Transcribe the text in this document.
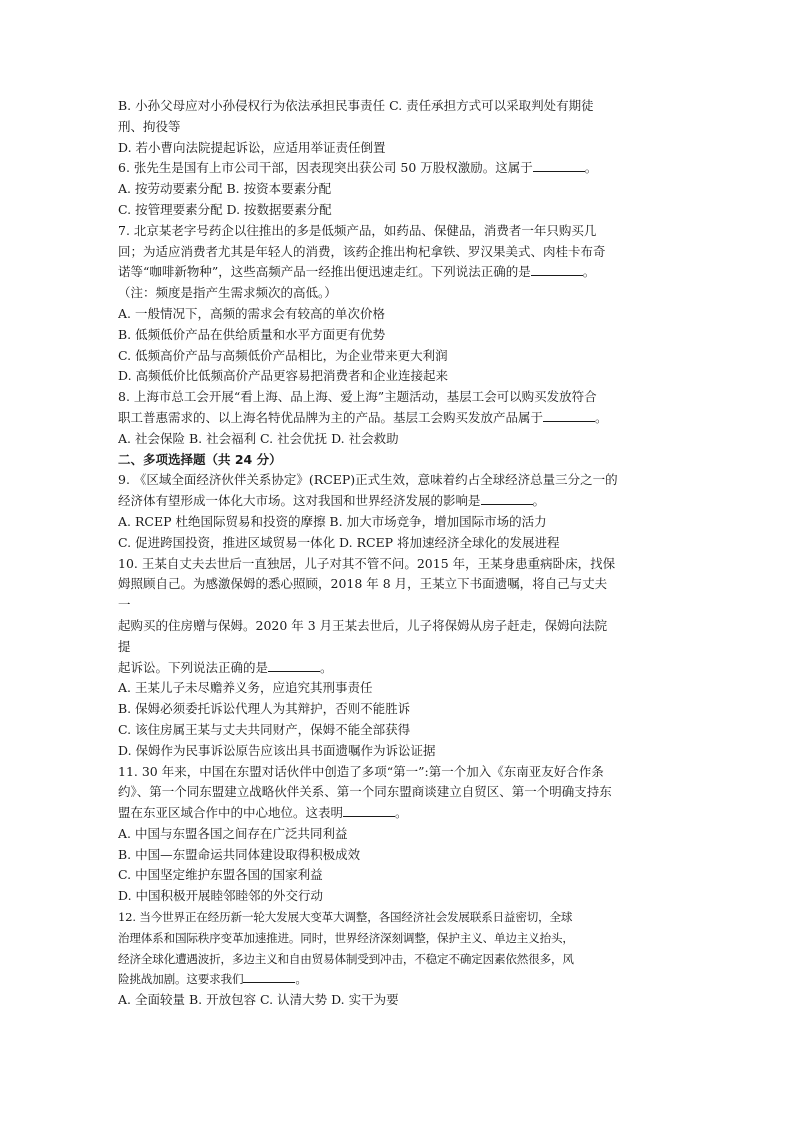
B. 小孙父母应对小孙侵权行为依法承担民事责任 C. 责任承担方式可以采取判处有期徒
刑、拘役等
D. 若小曹向法院提起诉讼，应适用举证责任倒置
6. 张先生是国有上市公司干部，因表现突出获公司 50 万股权激励。这属于	。
A. 按劳动要素分配 B. 按资本要素分配
C. 按管理要素分配 D. 按数据要素分配
7. 北京某老字号药企以往推出的多是低频产品，如药品、保健品，消费者一年只购买几
回；为适应消费者尤其是年轻人的消费，该药企推出枸杞拿铁、罗汉果美式、肉桂卡布奇
诺等“咖啡新物种”，这些高频产品一经推出便迅速走红。下列说法正确的是	。
（注：频度是指产生需求频次的高低。）
A. 一般情况下，高频的需求会有较高的单次价格
B. 低频低价产品在供给质量和水平方面更有优势
C. 低频高价产品与高频低价产品相比，为企业带来更大利润
D. 高频低价比低频高价产品更容易把消费者和企业连接起来
8. 上海市总工会开展“看上海、品上海、爱上海”主题活动，基层工会可以购买发放符合
职工普惠需求的、以上海名特优品牌为主的产品。基层工会购买发放产品属于	。
A. 社会保险 B. 社会福利 C. 社会优抚 D. 社会救助
二、多项选择题（共 24 分）
9. 《区域全面经济伙伴关系协定》(RCEP)正式生效，意味着约占全球经济总量三分之一的
经济体有望形成一体化大市场。这对我国和世界经济发展的影响是	。
A. RCEP 杜绝国际贸易和投资的摩擦 B. 加大市场竞争，增加国际市场的活力
C. 促进跨国投资，推进区域贸易一体化 D. RCEP 将加速经济全球化的发展进程
10. 王某自丈夫去世后一直独居，儿子对其不管不问。2015 年，王某身患重病卧床，找保
姆照顾自己。为感激保姆的悉心照顾，2018 年 8 月，王某立下书面遗嘱，将自己与丈夫
一
起购买的住房赠与保姆。2020 年 3 月王某去世后，儿子将保姆从房子赶走，保姆向法院
提
起诉讼。下列说法正确的是	。
A. 王某儿子未尽赡养义务，应追究其刑事责任
B. 保姆必须委托诉讼代理人为其辩护，否则不能胜诉
C. 该住房属王某与丈夫共同财产，保姆不能全部获得
D. 保姆作为民事诉讼原告应该出具书面遗嘱作为诉讼证据
11. 30 年来，中国在东盟对话伙伴中创造了多项“第一”:第一个加入《东南亚友好合作条
约》、第一个同东盟建立战略伙伴关系、第一个同东盟商谈建立自贸区、第一个明确支持东
盟在东亚区域合作中的中心地位。这表明	。
A. 中国与东盟各国之间存在广泛共同利益
B. 中国—东盟命运共同体建设取得积极成效
C. 中国坚定维护东盟各国的国家利益
D. 中国积极开展睦邻睦邻的外交行动
12. 当今世界正在经历新一轮大发展大变革大调整，各国经济社会发展联系日益密切，全球
治理体系和国际秩序变革加速推进。同时，世界经济深刻调整，保护主义、单边主义抬头，
经济全球化遭遇波折，多边主义和自由贸易体制受到冲击，不稳定不确定因素依然很多，风
险挑战加剧。这要求我们	。
A. 全面较量 B. 开放包容 C. 认清大势 D. 实干为要
